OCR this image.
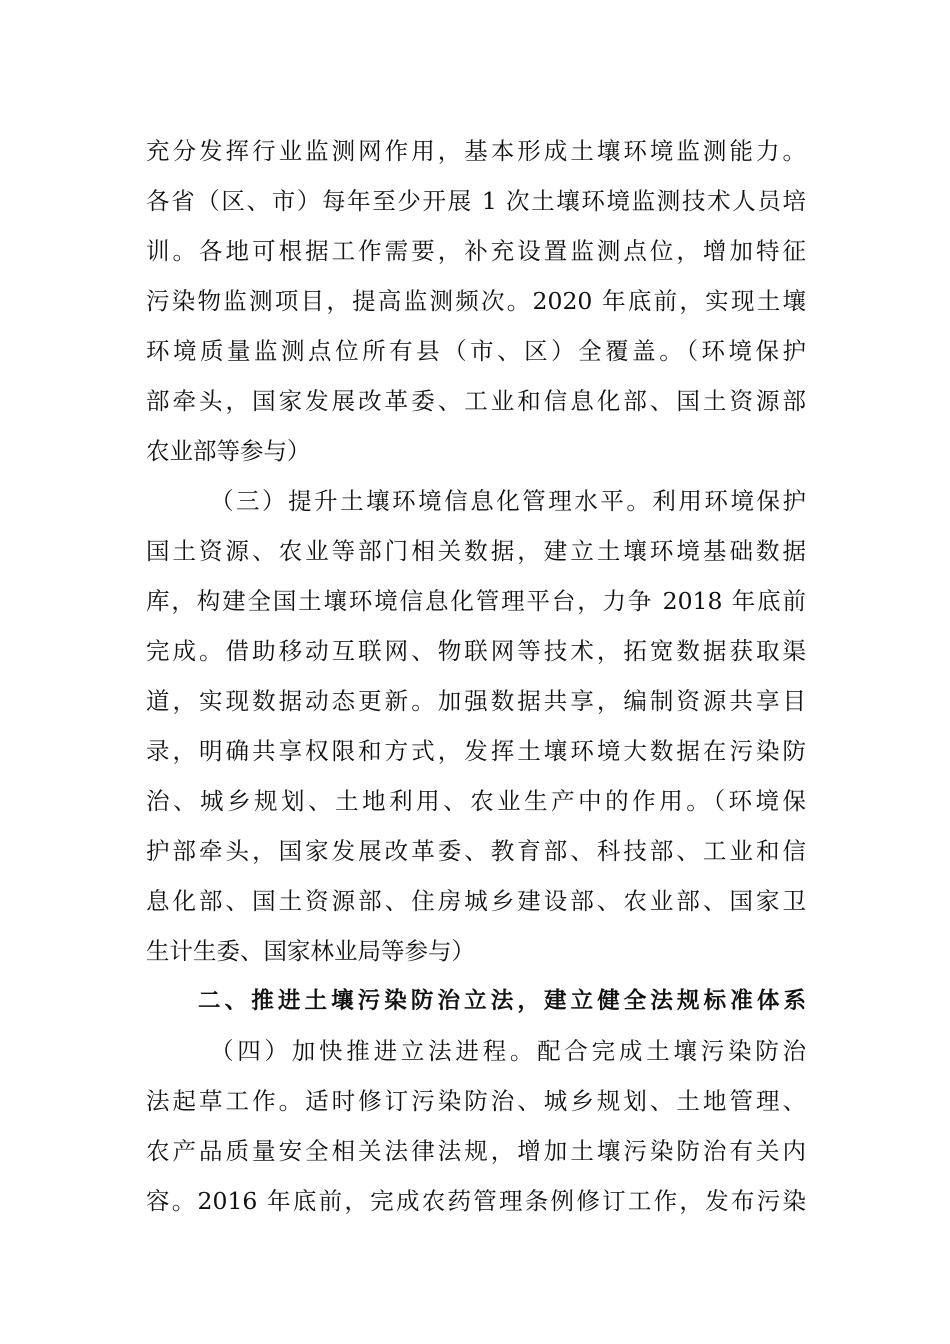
充分发挥行业监测网作用，基本形成土壤环境监测能力。
各省（区、市）每年至少开展 1 次土壤环境监测技术人员培
训。各地可根据工作需要，补充设置监测点位，增加特征
污染物监测项目，提高监测频次。2020 年底前，实现土壤
环境质量监测点位所有县（市、区）全覆盖。（环境保护
部牵头，国家发展改革委、工业和信息化部、国土资源部
农业部等参与）
（三）提升土壤环境信息化管理水平。利用环境保护
国土资源、农业等部门相关数据，建立土壤环境基础数据
库，构建全国土壤环境信息化管理平台，力争 2018 年底前
完成。借助移动互联网、物联网等技术，拓宽数据获取渠
道，实现数据动态更新。加强数据共享，编制资源共享目
录，明确共享权限和方式，发挥土壤环境大数据在污染防
治、城乡规划、土地利用、农业生产中的作用。（环境保
护部牵头，国家发展改革委、教育部、科技部、工业和信
息化部、国土资源部、住房城乡建设部、农业部、国家卫
生计生委、国家林业局等参与）
二、推进土壤污染防治立法，建立健全法规标准体系
（四）加快推进立法进程。配合完成土壤污染防治
法起草工作。适时修订污染防治、城乡规划、土地管理、
农产品质量安全相关法律法规，增加土壤污染防治有关内
容。2016 年底前，完成农药管理条例修订工作，发布污染
